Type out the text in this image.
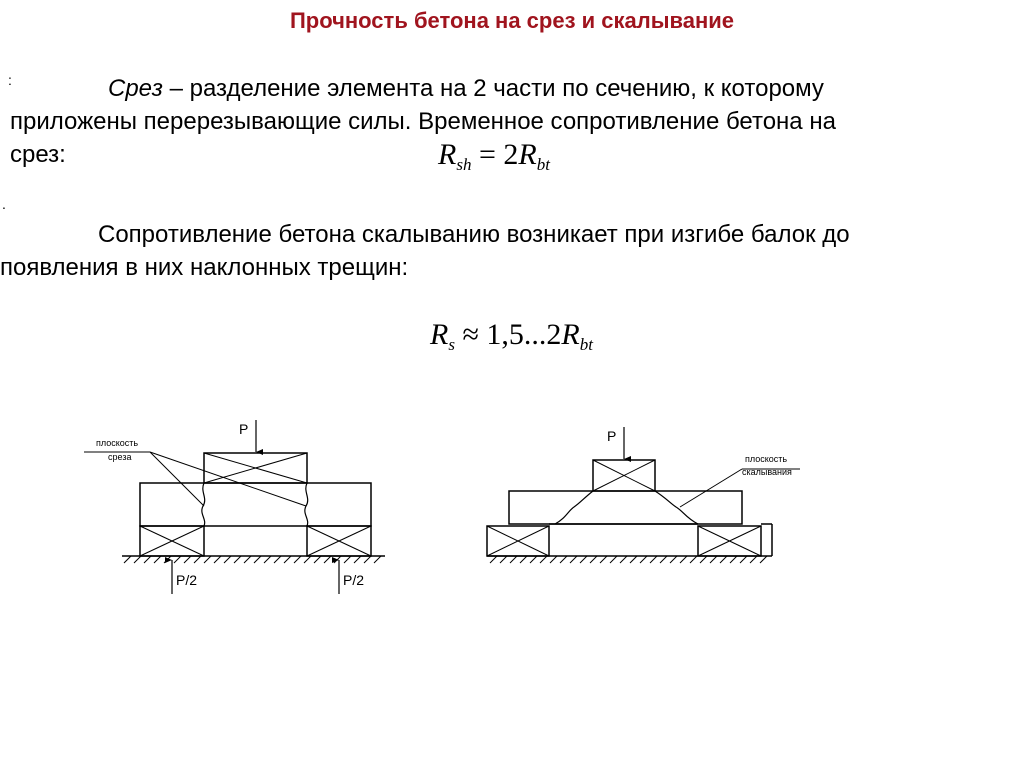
Прочность бетона на срез и скалывание
:	Срез – разделение элемента на 2 части по сечению, к которому
приложены перерезывающие силы. Временное сопротивление бетона на
срез:	$R_{sh} = 2R_{bt}$
.
Сопротивление бетона скалыванию возникает при изгибе балок до
появления в них наклонных трещин:
$R_s \approx 1,5...2R_{bt}$
P
P/2	P/2
плоскость
среза
P
плоскость
скалывания
